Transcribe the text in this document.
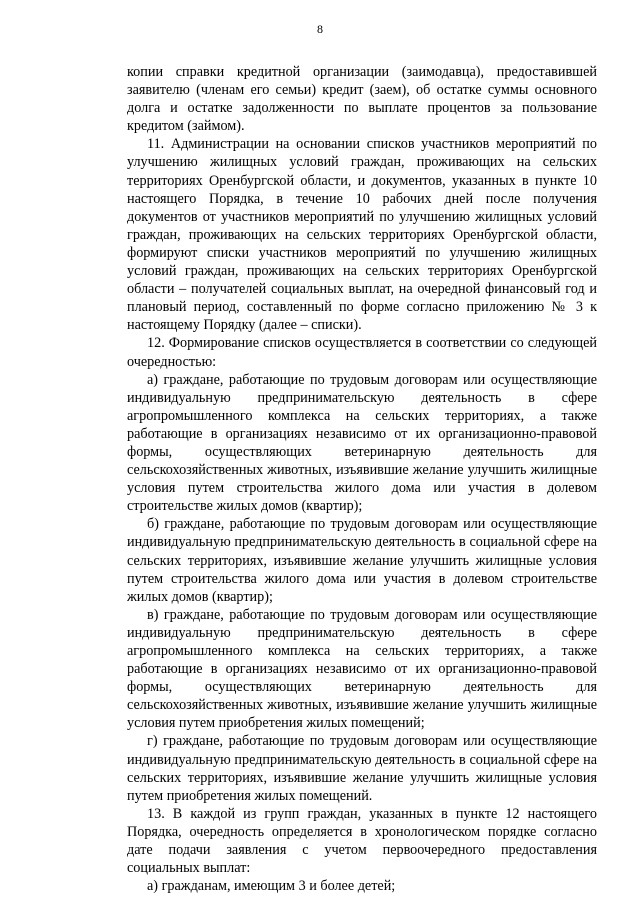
8

копии справки кредитной организации (заимодавца), предоставившей заявителю (членам его семьи) кредит (заем), об остатке суммы основного долга и остатке задолженности по выплате процентов за пользование кредитом (займом).

11. Администрации на основании списков участников мероприятий по улучшению жилищных условий граждан, проживающих на сельских территориях Оренбургской области, и документов, указанных в пункте 10 настоящего Порядка, в течение 10 рабочих дней после получения документов от участников мероприятий по улучшению жилищных условий граждан, проживающих на сельских территориях Оренбургской области, формируют списки участников мероприятий по улучшению жилищных условий граждан, проживающих на сельских территориях Оренбургской области – получателей социальных выплат, на очередной финансовый год и плановый период, составленный по форме согласно приложению № 3 к настоящему Порядку (далее – списки).

12. Формирование списков осуществляется в соответствии со следующей очередностью:

а) граждане, работающие по трудовым договорам или осуществляющие индивидуальную предпринимательскую деятельность в сфере агропромышленного комплекса на сельских территориях, а также работающие в организациях независимо от их организационно-правовой формы, осуществляющих ветеринарную деятельность для сельскохозяйственных животных, изъявившие желание улучшить жилищные условия путем строительства жилого дома или участия в долевом строительстве жилых домов (квартир);

б) граждане, работающие по трудовым договорам или осуществляющие индивидуальную предпринимательскую деятельность в социальной сфере на сельских территориях, изъявившие желание улучшить жилищные условия путем строительства жилого дома или участия в долевом строительстве жилых домов (квартир);

в) граждане, работающие по трудовым договорам или осуществляющие индивидуальную предпринимательскую деятельность в сфере агропромышленного комплекса на сельских территориях, а также работающие в организациях независимо от их организационно-правовой формы, осуществляющих ветеринарную деятельность для сельскохозяйственных животных, изъявившие желание улучшить жилищные условия путем приобретения жилых помещений;

г) граждане, работающие по трудовым договорам или осуществляющие индивидуальную предпринимательскую деятельность в социальной сфере на сельских территориях, изъявившие желание улучшить жилищные условия путем приобретения жилых помещений.

13. В каждой из групп граждан, указанных в пункте 12 настоящего Порядка, очередность определяется в хронологическом порядке согласно дате подачи заявления с учетом первоочередного предоставления социальных выплат:

а) гражданам, имеющим 3 и более детей;
